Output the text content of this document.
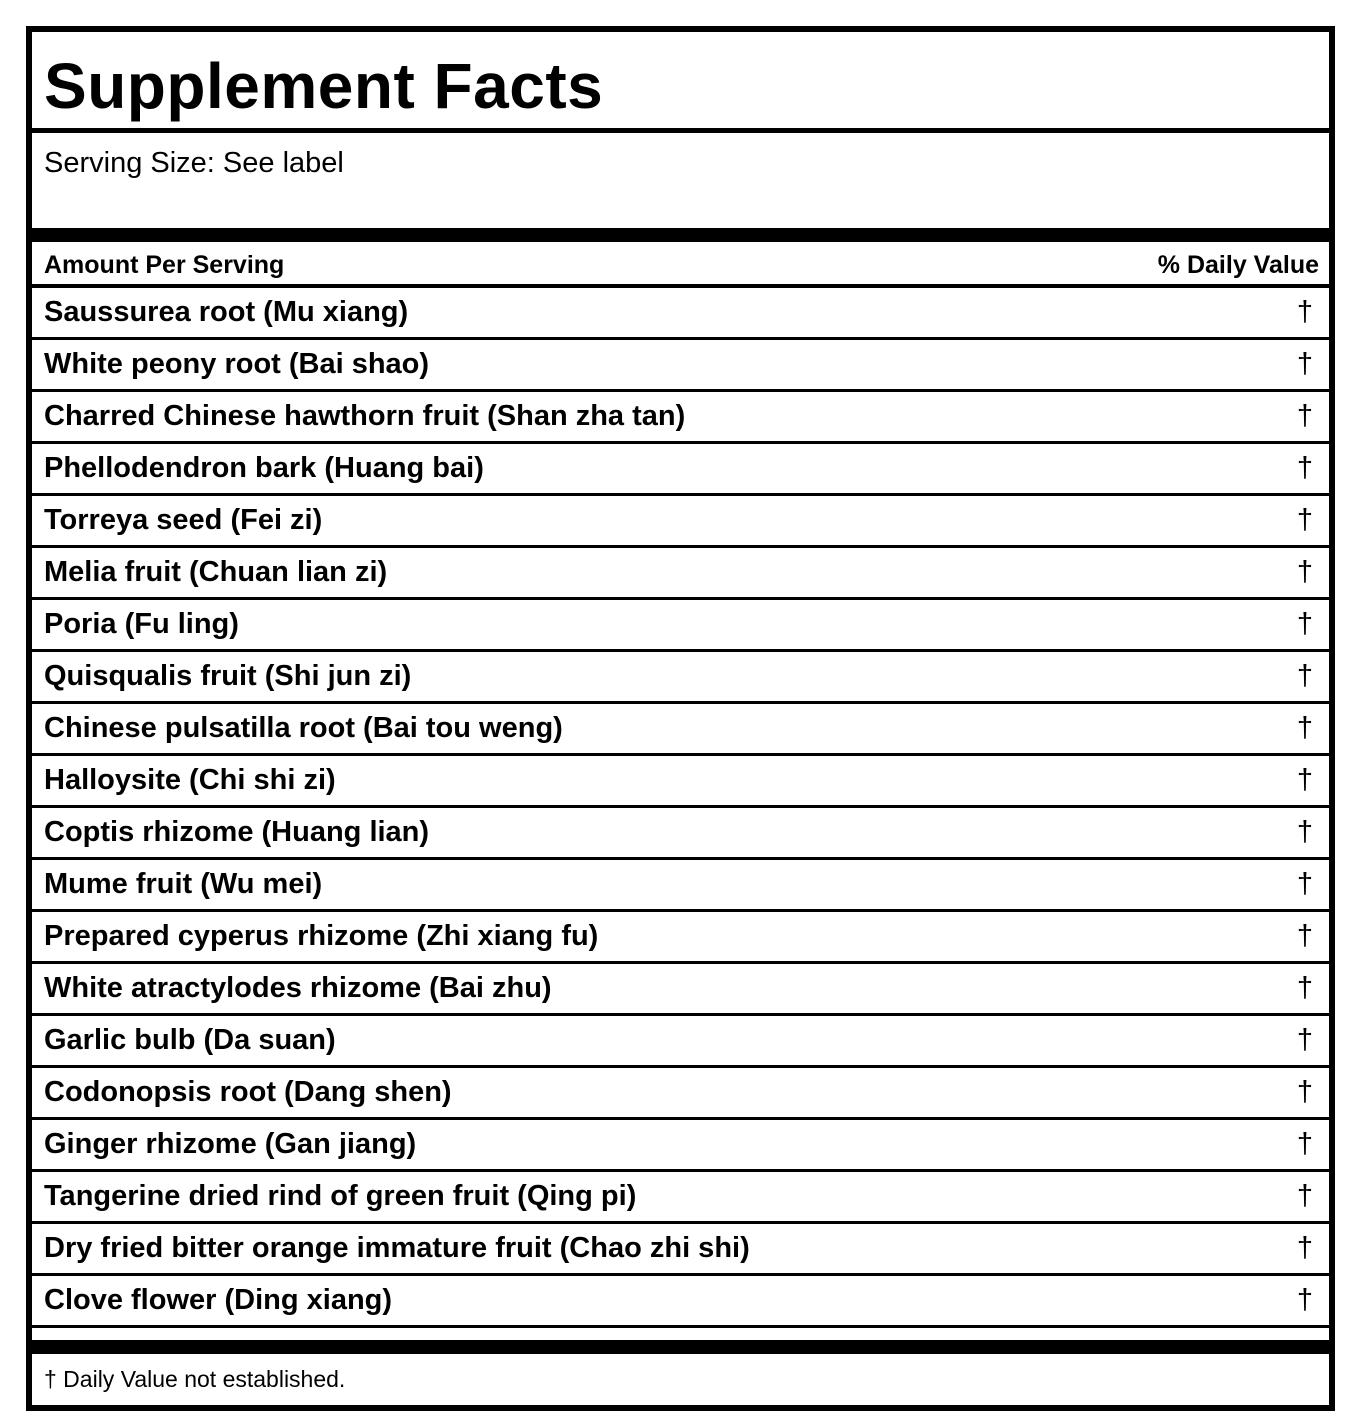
Supplement Facts
Serving Size: See label
Amount Per Serving	% Daily Value
Saussurea root (Mu xiang)	†
White peony root (Bai shao)	†
Charred Chinese hawthorn fruit (Shan zha tan)	†
Phellodendron bark (Huang bai)	†
Torreya seed (Fei zi)	†
Melia fruit (Chuan lian zi)	†
Poria (Fu ling)	†
Quisqualis fruit (Shi jun zi)	†
Chinese pulsatilla root (Bai tou weng)	†
Halloysite (Chi shi zi)	†
Coptis rhizome (Huang lian)	†
Mume fruit (Wu mei)	†
Prepared cyperus rhizome (Zhi xiang fu)	†
White atractylodes rhizome (Bai zhu)	†
Garlic bulb (Da suan)	†
Codonopsis root (Dang shen)	†
Ginger rhizome (Gan jiang)	†
Tangerine dried rind of green fruit (Qing pi)	†
Dry fried bitter orange immature fruit (Chao zhi shi)	†
Clove flower (Ding xiang)	†
† Daily Value not established.
